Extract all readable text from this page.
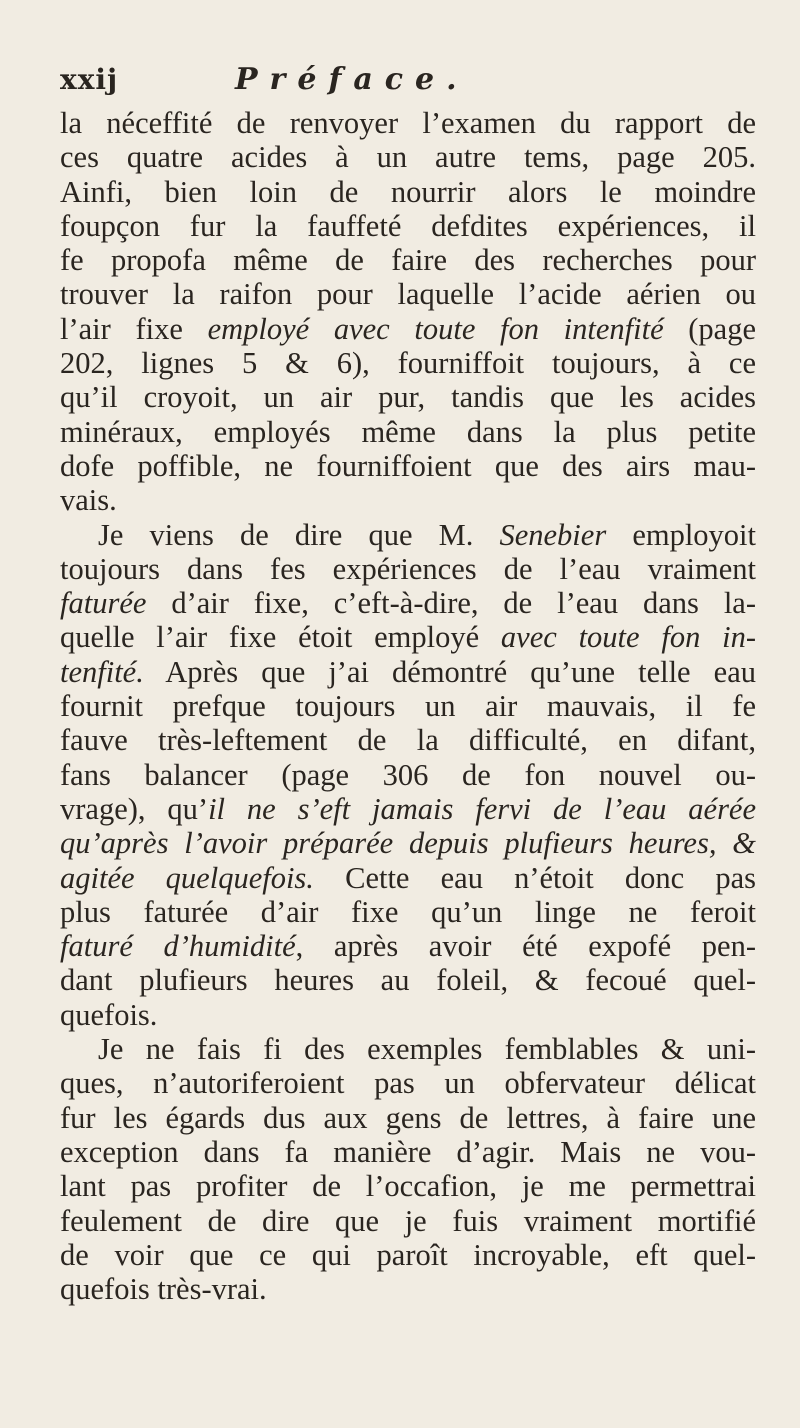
xxij	Préface.
la néceffité de renvoyer l’examen du rapport de
ces quatre acides à un autre tems, page 205.
Ainfi, bien loin de nourrir alors le moindre
foupçon fur la fauffeté defdites expériences, il
fe propofa même de faire des recherches pour
trouver la raifon pour laquelle l’acide aérien ou
l’air fixe employé avec toute fon intenfité (page
202, lignes 5 & 6), fourniffoit toujours, à ce
qu’il croyoit, un air pur, tandis que les acides
minéraux, employés même dans la plus petite
dofe poffible, ne fourniffoient que des airs mau-
vais.
Je viens de dire que M. Senebier employoit
toujours dans fes expériences de l’eau vraiment
faturée d’air fixe, c’eft-à-dire, de l’eau dans la-
quelle l’air fixe étoit employé avec toute fon in-
tenfité. Après que j’ai démontré qu’une telle eau
fournit prefque toujours un air mauvais, il fe
fauve très-leftement de la difficulté, en difant,
fans balancer (page 306 de fon nouvel ou-
vrage), qu’il ne s’eft jamais fervi de l’eau aérée
qu’après l’avoir préparée depuis plufieurs heures, &
agitée quelquefois. Cette eau n’étoit donc pas
plus faturée d’air fixe qu’un linge ne feroit
faturé d’humidité, après avoir été expofé pen-
dant plufieurs heures au foleil, & fecoué quel-
quefois.
Je ne fais fi des exemples femblables & uni-
ques, n’autoriferoient pas un obfervateur délicat
fur les égards dus aux gens de lettres, à faire une
exception dans fa manière d’agir. Mais ne vou-
lant pas profiter de l’occafion, je me permettrai
feulement de dire que je fuis vraiment mortifié
de voir que ce qui paroît incroyable, eft quel-
quefois très-vrai.
